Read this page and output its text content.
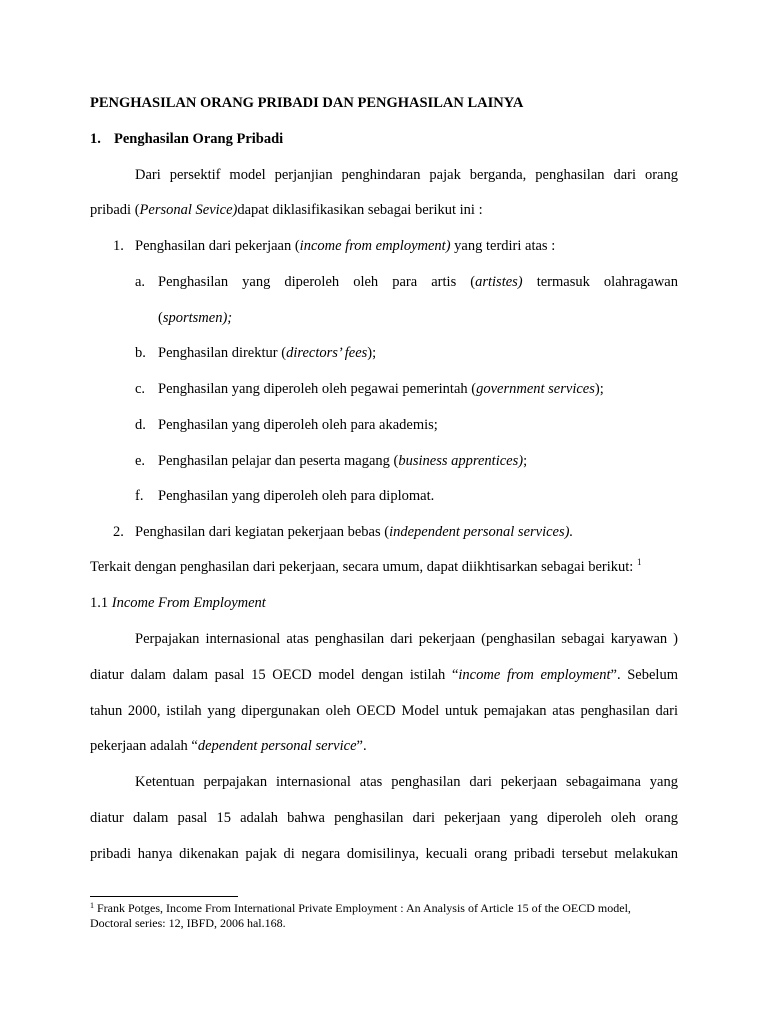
PENGHASILAN ORANG PRIBADI DAN PENGHASILAN LAINYA
1. Penghasilan Orang Pribadi
Dari persektif model perjanjian penghindaran pajak berganda, penghasilan dari orang
pribadi (Personal Sevice)dapat diklasifikasikan sebagai berikut ini :
1. Penghasilan dari pekerjaan (income from employment) yang terdiri atas :
a. Penghasilan yang diperoleh oleh para artis (artistes) termasuk olahragawan
(sportsmen);
b. Penghasilan direktur (directors’ fees);
c. Penghasilan yang diperoleh oleh pegawai pemerintah (government services);
d. Penghasilan yang diperoleh oleh para akademis;
e. Penghasilan pelajar dan peserta magang (business apprentices);
f. Penghasilan yang diperoleh oleh para diplomat.
2. Penghasilan dari kegiatan pekerjaan bebas (independent personal services).
Terkait dengan penghasilan dari pekerjaan, secara umum, dapat diikhtisarkan sebagai berikut: $^1$
1.1 Income From Employment
Perpajakan internasional atas penghasilan dari pekerjaan (penghasilan sebagai karyawan )
diatur dalam dalam pasal 15 OECD model dengan istilah “income from employment”. Sebelum
tahun 2000, istilah yang dipergunakan oleh OECD Model untuk pemajakan atas penghasilan dari
pekerjaan adalah “dependent personal service”.
Ketentuan perpajakan internasional atas penghasilan dari pekerjaan sebagaimana yang
diatur dalam pasal 15 adalah bahwa penghasilan dari pekerjaan yang diperoleh oleh orang
pribadi hanya dikenakan pajak di negara domisilinya, kecuali orang pribadi tersebut melakukan
$^1$ Frank Potges, Income From International Private Employment : An Analysis of Article 15 of the OECD model,
Doctoral series: 12, IBFD, 2006 hal.168.
